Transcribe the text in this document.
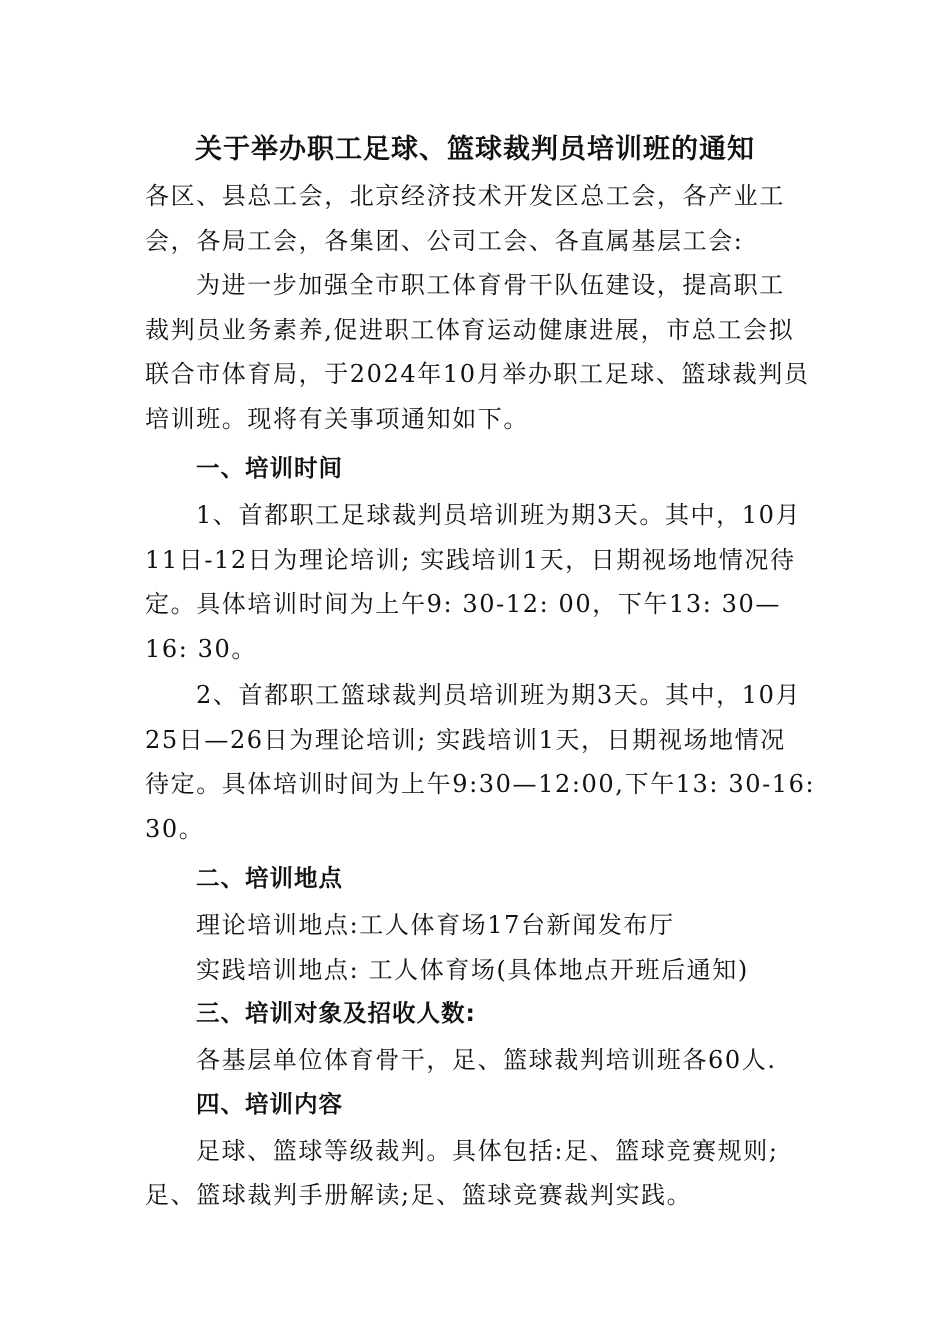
关于举办职工足球、篮球裁判员培训班的通知
各区、县总工会，北京经济技术开发区总工会，各产业工
会，各局工会，各集团、公司工会、各直属基层工会:
为进一步加强全市职工体育骨干队伍建设，提高职工
裁判员业务素养,促进职工体育运动健康进展，市总工会拟
联合市体育局，于2024年10月举办职工足球、篮球裁判员
培训班。现将有关事项通知如下。
一、培训时间
1、首都职工足球裁判员培训班为期3天。其中，10月
11日-12日为理论培训; 实践培训1天，日期视场地情况待
定。具体培训时间为上午9: 30-12: 00，下午13: 30—
16: 30。
2、首都职工篮球裁判员培训班为期3天。其中，10月
25日—26日为理论培训; 实践培训1天，日期视场地情况
待定。具体培训时间为上午9:30—12:00,下午13: 30-16:
30。
二、培训地点
理论培训地点:工人体育场17台新闻发布厅
实践培训地点: 工人体育场(具体地点开班后通知)
三、培训对象及招收人数:
各基层单位体育骨干，足、篮球裁判培训班各60人.
四、培训内容
足球、篮球等级裁判。具体包括:足、篮球竞赛规则;
足、篮球裁判手册解读;足、篮球竞赛裁判实践。
